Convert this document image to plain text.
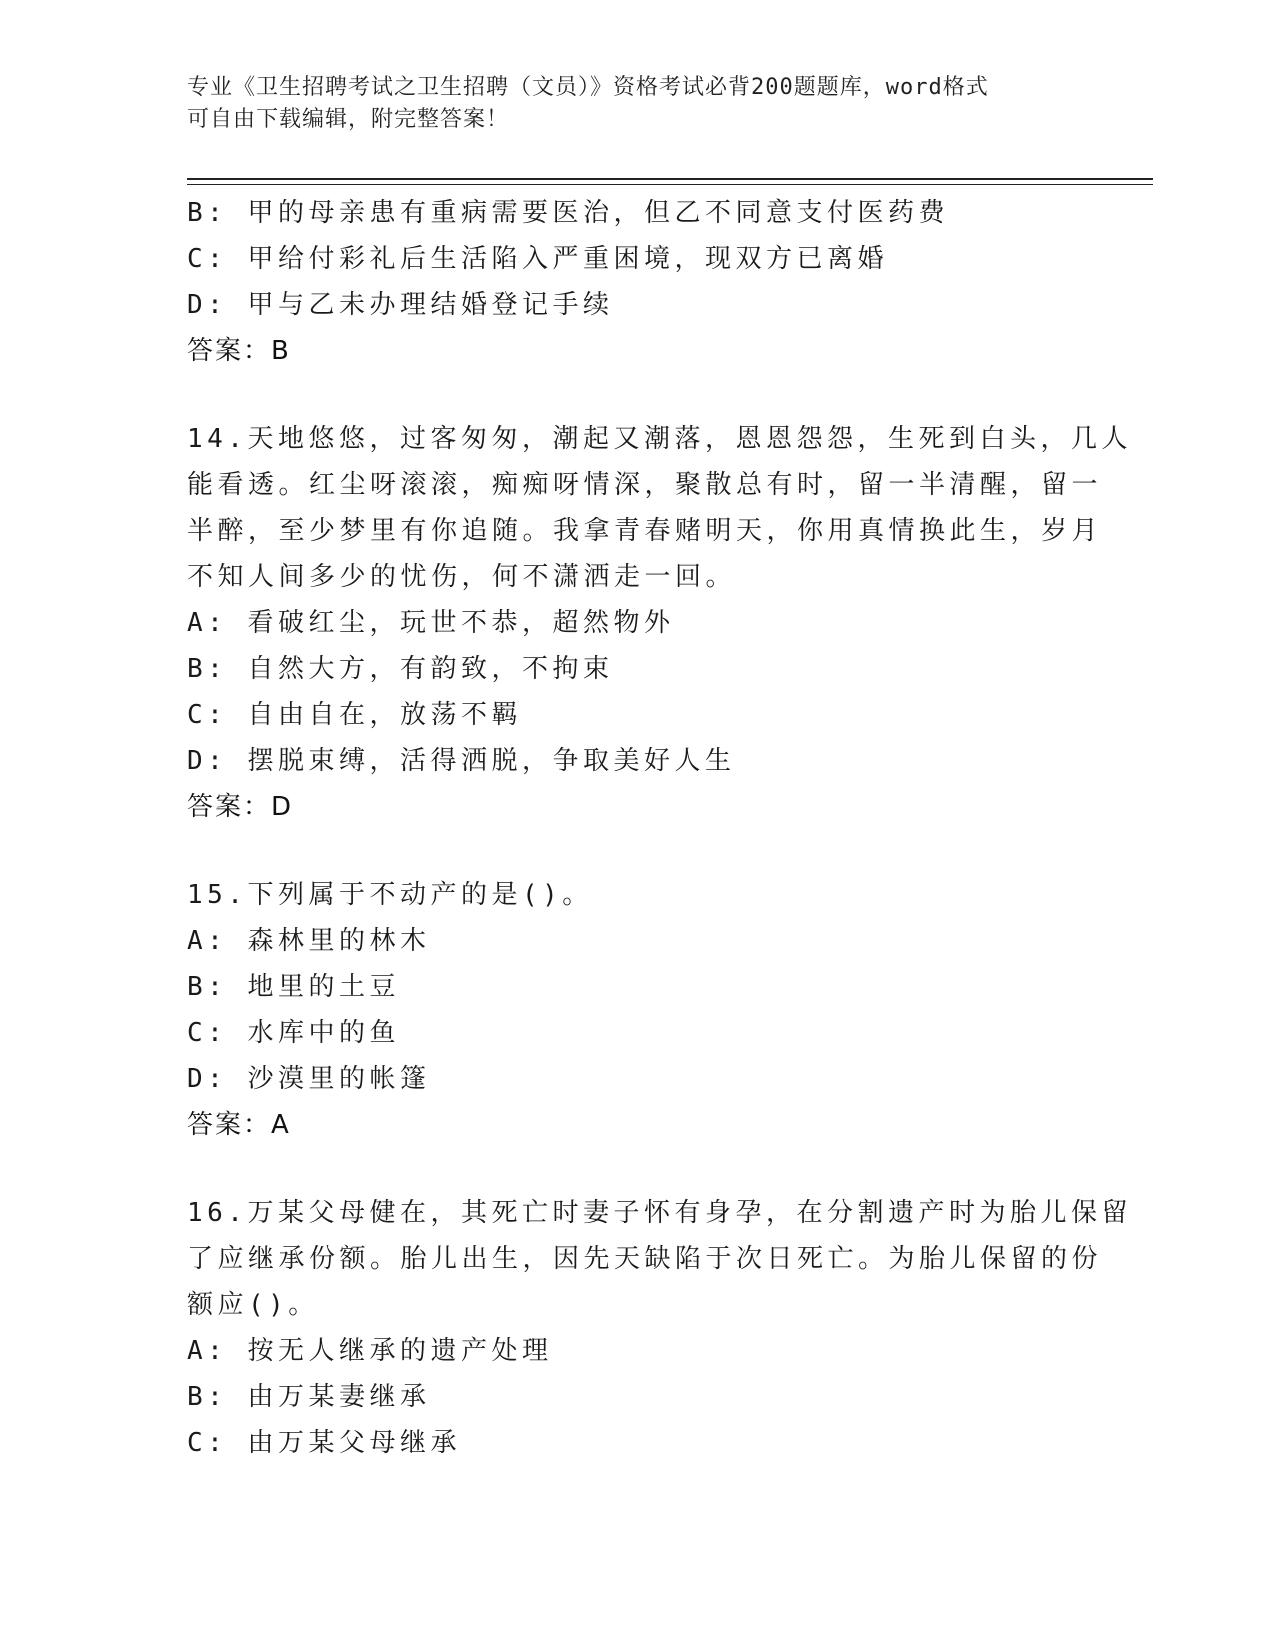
专业《卫生招聘考试之卫生招聘（文员）》资格考试必背200题题库，word格式
可自由下载编辑，附完整答案！
B: 甲的母亲患有重病需要医治，但乙不同意支付医药费
C: 甲给付彩礼后生活陷入严重困境，现双方已离婚
D: 甲与乙未办理结婚登记手续
答案：B
14.天地悠悠，过客匆匆，潮起又潮落，恩恩怨怨，生死到白头，几人
能看透。红尘呀滚滚，痴痴呀情深，聚散总有时，留一半清醒，留一
半醉，至少梦里有你追随。我拿青春赌明天，你用真情换此生，岁月
不知人间多少的忧伤，何不潇洒走一回。
A: 看破红尘，玩世不恭，超然物外
B: 自然大方，有韵致，不拘束
C: 自由自在，放荡不羁
D: 摆脱束缚，活得洒脱，争取美好人生
答案：D
15.下列属于不动产的是()。
A: 森林里的林木
B: 地里的土豆
C: 水库中的鱼
D: 沙漠里的帐篷
答案：A
16.万某父母健在，其死亡时妻子怀有身孕，在分割遗产时为胎儿保留
了应继承份额。胎儿出生，因先天缺陷于次日死亡。为胎儿保留的份
额应()。
A: 按无人继承的遗产处理
B: 由万某妻继承
C: 由万某父母继承
